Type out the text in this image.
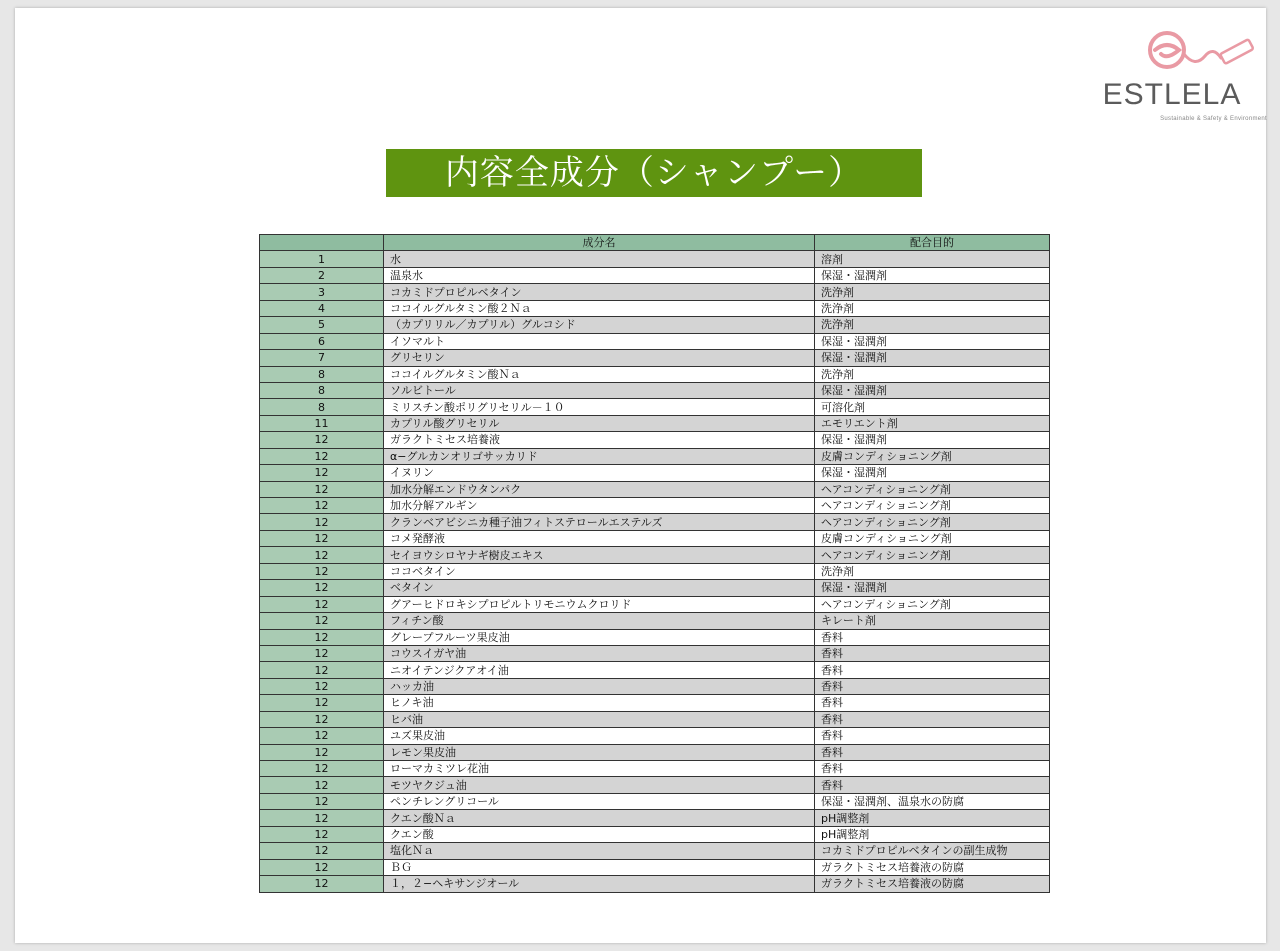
ESTLELA
Sustainable & Safety & Environment
内容全成分（シャンプー）
	成分名	配合目的
1	水	溶剤
2	温泉水	保湿・湿潤剤
3	コカミドプロピルベタイン	洗浄剤
4	ココイルグルタミン酸２Ｎａ	洗浄剤
5	（カプリリル／カプリル）グルコシド	洗浄剤
6	イソマルト	保湿・湿潤剤
7	グリセリン	保湿・湿潤剤
8	ココイルグルタミン酸Ｎａ	洗浄剤
8	ソルビトール	保湿・湿潤剤
8	ミリスチン酸ポリグリセリル－１０	可溶化剤
11	カプリル酸グリセリル	エモリエント剤
12	ガラクトミセス培養液	保湿・湿潤剤
12	α−グルカンオリゴサッカリド	皮膚コンディショニング剤
12	イヌリン	保湿・湿潤剤
12	加水分解エンドウタンパク	ヘアコンディショニング剤
12	加水分解アルギン	ヘアコンディショニング剤
12	クランベアビシニカ種子油フィトステロールエステルズ	ヘアコンディショニング剤
12	コメ発酵液	皮膚コンディショニング剤
12	セイヨウシロヤナギ樹皮エキス	ヘアコンディショニング剤
12	ココベタイン	洗浄剤
12	ベタイン	保湿・湿潤剤
12	グアーヒドロキシプロピルトリモニウムクロリド	ヘアコンディショニング剤
12	フィチン酸	キレート剤
12	グレープフルーツ果皮油	香料
12	コウスイガヤ油	香料
12	ニオイテンジクアオイ油	香料
12	ハッカ油	香料
12	ヒノキ油	香料
12	ヒバ油	香料
12	ユズ果皮油	香料
12	レモン果皮油	香料
12	ローマカミツレ花油	香料
12	モツヤクジュ油	香料
12	ペンチレングリコール	保湿・湿潤剤、温泉水の防腐
12	クエン酸Ｎａ	pH調整剤
12	クエン酸	pH調整剤
12	塩化Ｎａ	コカミドプロピルベタインの副生成物
12	ＢＧ	ガラクトミセス培養液の防腐
12	１，２−ヘキサンジオール	ガラクトミセス培養液の防腐
